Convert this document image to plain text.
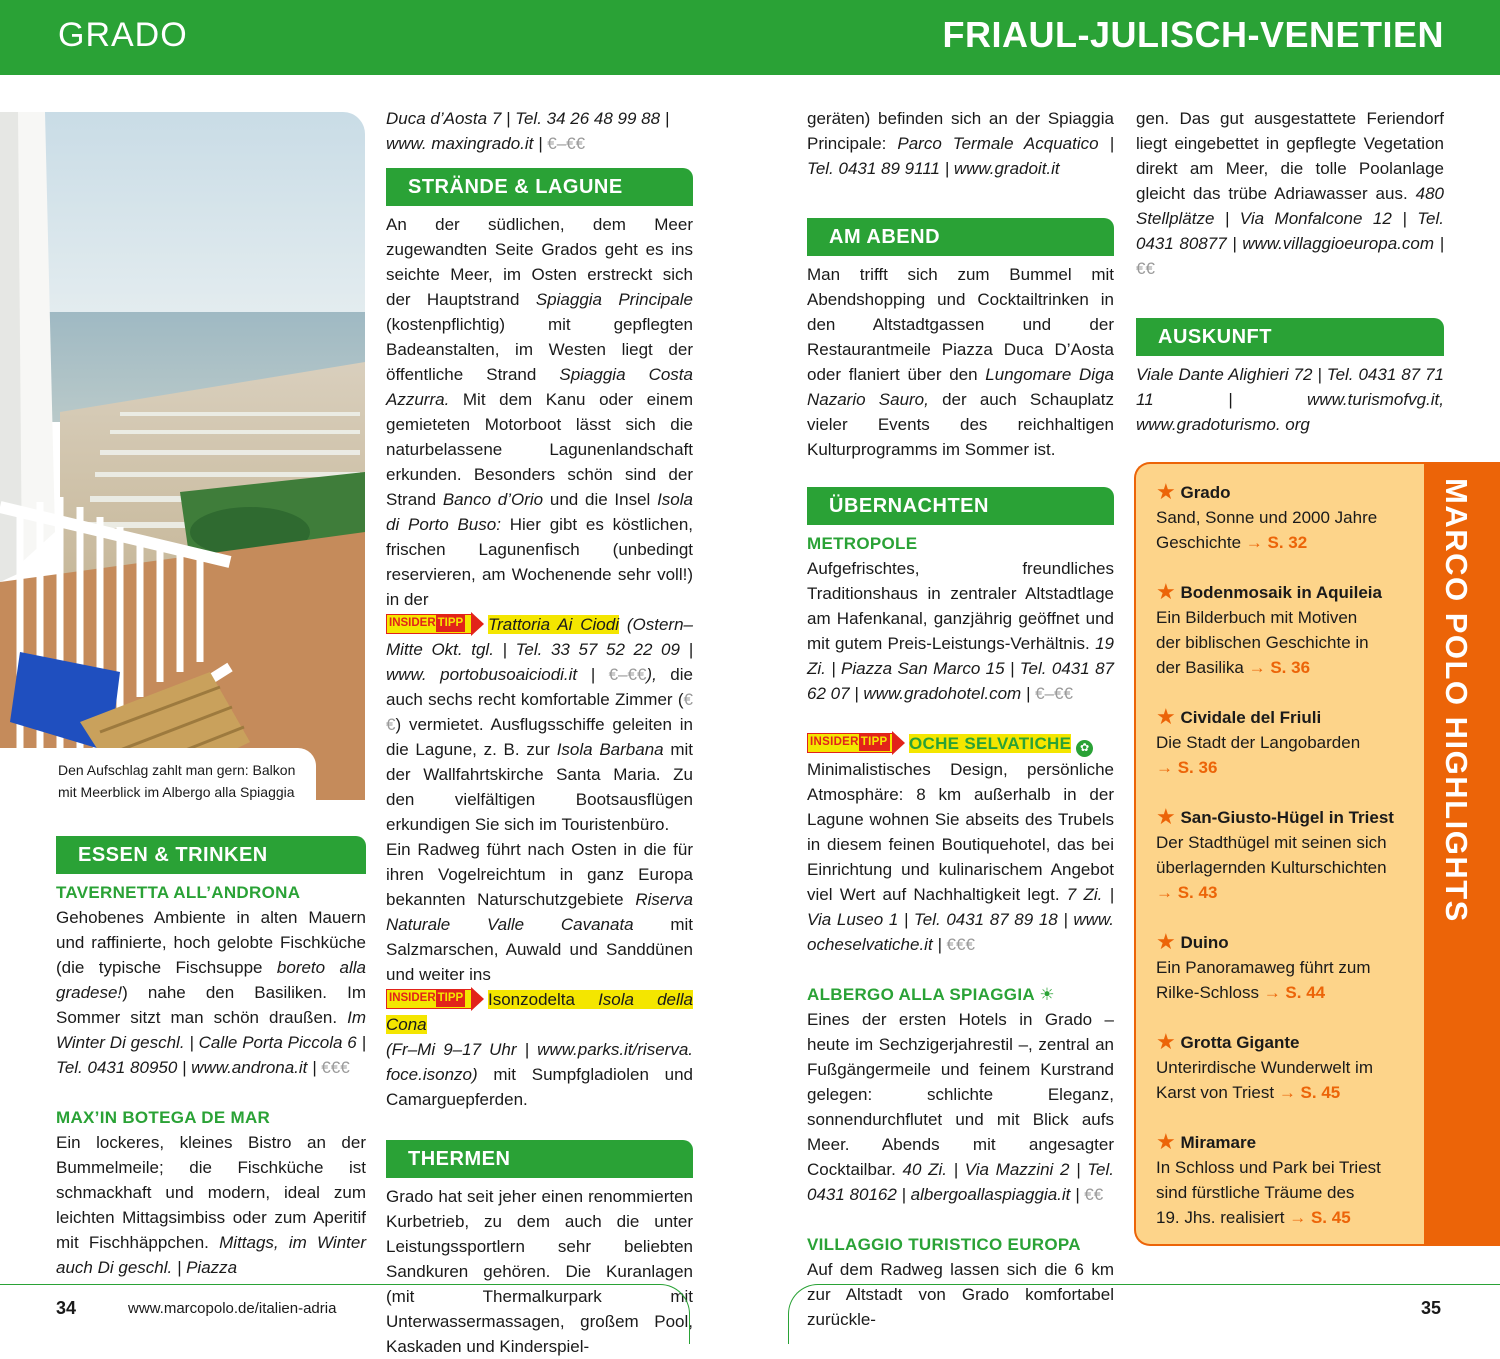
GRADO	FRIAUL-JULISCH-VENETIEN
Den Aufschlag zahlt man gern: Balkon
mit Meerblick im Albergo alla Spiaggia
ESSEN & TRINKEN
TAVERNETTA ALL’ANDRONA

Gehobenes Ambiente in alten Mauern und raffinierte, hoch gelobte Fischküche (die typische Fischsuppe boreto alla gradese!) nahe den Basiliken. Im Sommer sitzt man schön draußen. Im Winter Di geschl. | Calle Porta Piccola 6 | Tel. 0431 80950 | www.androna.it | €€€

MAX’IN BOTEGA DE MAR

Ein lockeres, kleines Bistro an der Bummelmeile; die Fischküche ist schmackhaft und modern, ideal zum leichten Mittagsimbiss oder zum Aperitif mit Fischhäppchen. Mittags, im Winter auch Di geschl. | Piazza

Duca d’Aosta 7 | Tel. 34 26 48 99 88 | www. maxingrado.it | €–€€

STRÄNDE & LAGUNE

An der südlichen, dem Meer zugewandten Seite Grados geht es ins seichte Meer, im Osten erstreckt sich der Hauptstrand Spiaggia Principale (kostenpflichtig) mit gepflegten Badeanstalten, im Westen liegt der öffentliche Strand Spiaggia Costa Azzurra. Mit dem Kanu oder einem gemieteten Motorboot lässt sich die naturbelassene Lagunenlandschaft erkunden. Besonders schön sind der Strand Banco d’Orio und die Insel Isola di Porto Buso: Hier gibt es köstlichen, frischen Lagunenfisch (unbedingt reservieren, am Wochenende sehr voll!) in der

INSIDER TIPP	Trattoria Ai Ciodi (Ostern–Mitte Okt. tgl. | Tel. 33 57 52 22 09 | www. portobusoaiciodi.it | €–€€), die auch sechs recht komfortable Zimmer (€€) vermietet. Ausflugsschiffe geleiten in die Lagune, z. B. zur Isola Barbana mit der Wallfahrtskirche Santa Maria. Zu den vielfältigen Bootsausflügen erkundigen Sie sich im Touristenbüro.

Ein Radweg führt nach Osten in die für ihren Vogelreichtum in ganz Europa bekannten Naturschutzgebiete Riserva Naturale Valle Cavanata mit Salzmarschen, Auwald und Sanddünen und weiter ins

INSIDER TIPP	Isonzodelta Isola della Cona
(Fr–Mi 9–17 Uhr | www.parks.it/riserva. foce.isonzo) mit Sumpfgladiolen und Camarguepferden.

THERMEN

Grado hat seit jeher einen renommierten Kurbetrieb, zu dem auch die unter Leistungssportlern sehr beliebten Sandkuren gehören. Die Kuranlagen (mit Thermalkurpark mit Unterwassermassagen, großem Pool, Kaskaden und Kinderspiel-

geräten) befinden sich an der Spiaggia Principale: Parco Termale Acquatico | Tel. 0431 89 9111 | www.gradoit.it

AM ABEND

Man trifft sich zum Bummel mit Abendshopping und Cocktailtrinken in den Altstadtgassen und der Restaurantmeile Piazza Duca D’Aosta oder flaniert über den Lungomare Diga Nazario Sauro, der auch Schauplatz vieler Events des reichhaltigen Kulturprogramms im Sommer ist.

ÜBERNACHTEN
METROPOLE

Aufgefrischtes, freundliches Traditionshaus in zentraler Altstadtlage am Hafenkanal, ganzjährig geöffnet und mit gutem Preis-Leistungs-Verhältnis. 19 Zi. | Piazza San Marco 15 | Tel. 0431 87 62 07 | www.gradohotel.com | €–€€

INSIDER TIPP	OCHE SELVATICHE ✿

Minimalistisches Design, persönliche Atmosphäre: 8 km außerhalb in der Lagune wohnen Sie abseits des Trubels in diesem feinen Boutiquehotel, das bei Einrichtung und kulinarischem Angebot viel Wert auf Nachhaltigkeit legt. 7 Zi. | Via Luseo 1 | Tel. 0431 87 89 18 | www. ocheselvatiche.it | €€€

ALBERGO ALLA SPIAGGIA ☀

Eines der ersten Hotels in Grado – heute im Sechzigerjahrestil –, zentral an Fußgängermeile und feinem Kurstrand gelegen: schlichte Eleganz, sonnendurchflutet und mit Blick aufs Meer. Abends mit angesagter Cocktailbar. 40 Zi. | Via Mazzini 2 | Tel. 0431 80162 | albergoallaspiaggia.it | €€

VILLAGGIO TURISTICO EUROPA

Auf dem Radweg lassen sich die 6 km zur Altstadt von Grado komfortabel zurückle-

gen. Das gut ausgestattete Feriendorf liegt eingebettet in gepflegte Vegetation direkt am Meer, die tolle Poolanlage gleicht das trübe Adriawasser aus. 480 Stellplätze | Via Monfalcone 12 | Tel. 0431 80877 | www.villaggioeuropa.com | €€

AUSKUNFT

Viale Dante Alighieri 72 | Tel. 0431 87 71 11 | www.turismofvg.it, www.gradoturismo. org

MARCO POLO HIGHLIGHTS
★ Grado
Sand, Sonne und 2000 Jahre
Geschichte → S. 32
★ Bodenmosaik in Aquileia
Ein Bilderbuch mit Motiven
der biblischen Geschichte in
der Basilika → S. 36
★ Cividale del Friuli
Die Stadt der Langobarden
→ S. 36
★ San-Giusto-Hügel in Triest
Der Stadthügel mit seinen sich
überlagernden Kulturschichten
→ S. 43
★ Duino
Ein Panoramaweg führt zum
Rilke-Schloss → S. 44
★ Grotta Gigante
Unterirdische Wunderwelt im
Karst von Triest → S. 45
★ Miramare
In Schloss und Park bei Triest
sind fürstliche Träume des
19. Jhs. realisiert → S. 45
34	www.marcopolo.de/italien-adria	35
